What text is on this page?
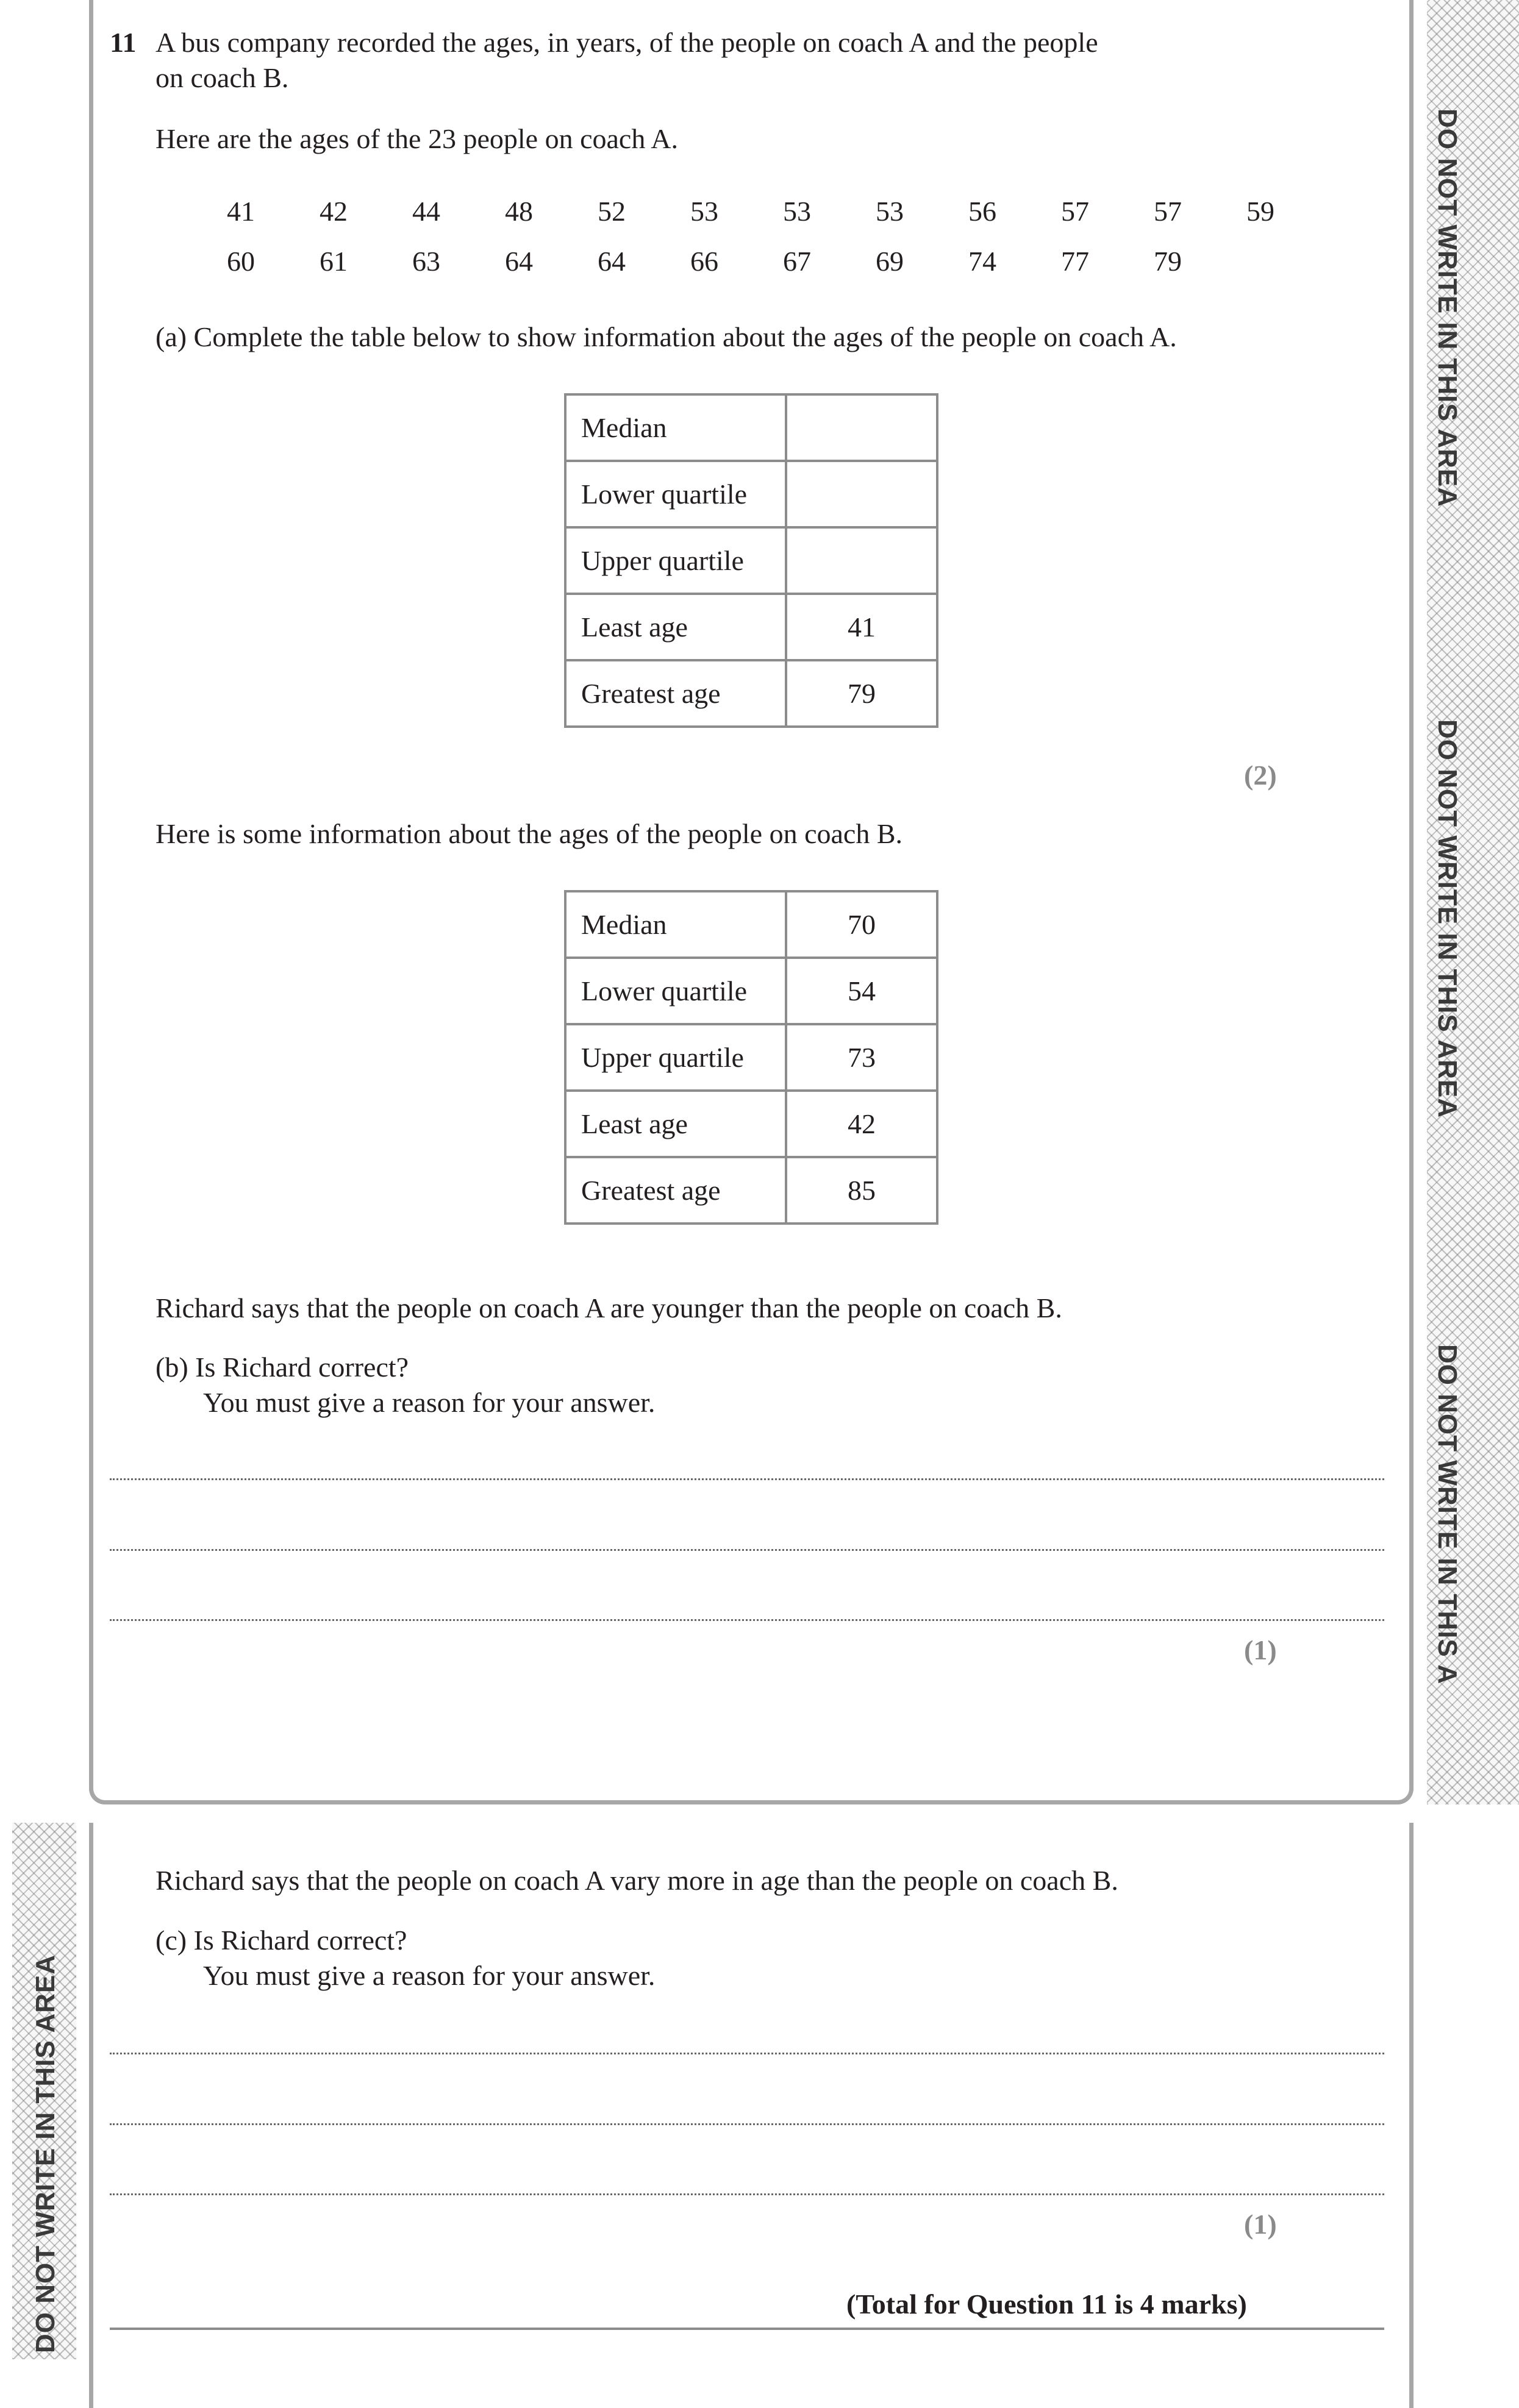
DO NOT WRITE IN THIS AREA
DO NOT WRITE IN THIS AREA
DO NOT WRITE IN THIS A
DO NOT WRITE IN THIS AREA
11 A bus company recorded the ages, in years, of the people on coach A and the people
on coach B.
Here are the ages of the 23 people on coach A.
41	42	44	48	52	53	53	53	56	57	57	59
60	61	63	64	64	66	67	69	74	77	79
(a) Complete the table below to show information about the ages of the people on coach A.
Median	
Lower quartile	
Upper quartile	
Least age	41
Greatest age	79
(2)
Here is some information about the ages of the people on coach B.
Median	70
Lower quartile	54
Upper quartile	73
Least age	42
Greatest age	85
Richard says that the people on coach A are younger than the people on coach B.
(b) Is Richard correct?
You must give a reason for your answer.
(1)
Richard says that the people on coach A vary more in age than the people on coach B.
(c) Is Richard correct?
You must give a reason for your answer.
(1)
(Total for Question 11 is 4 marks)
